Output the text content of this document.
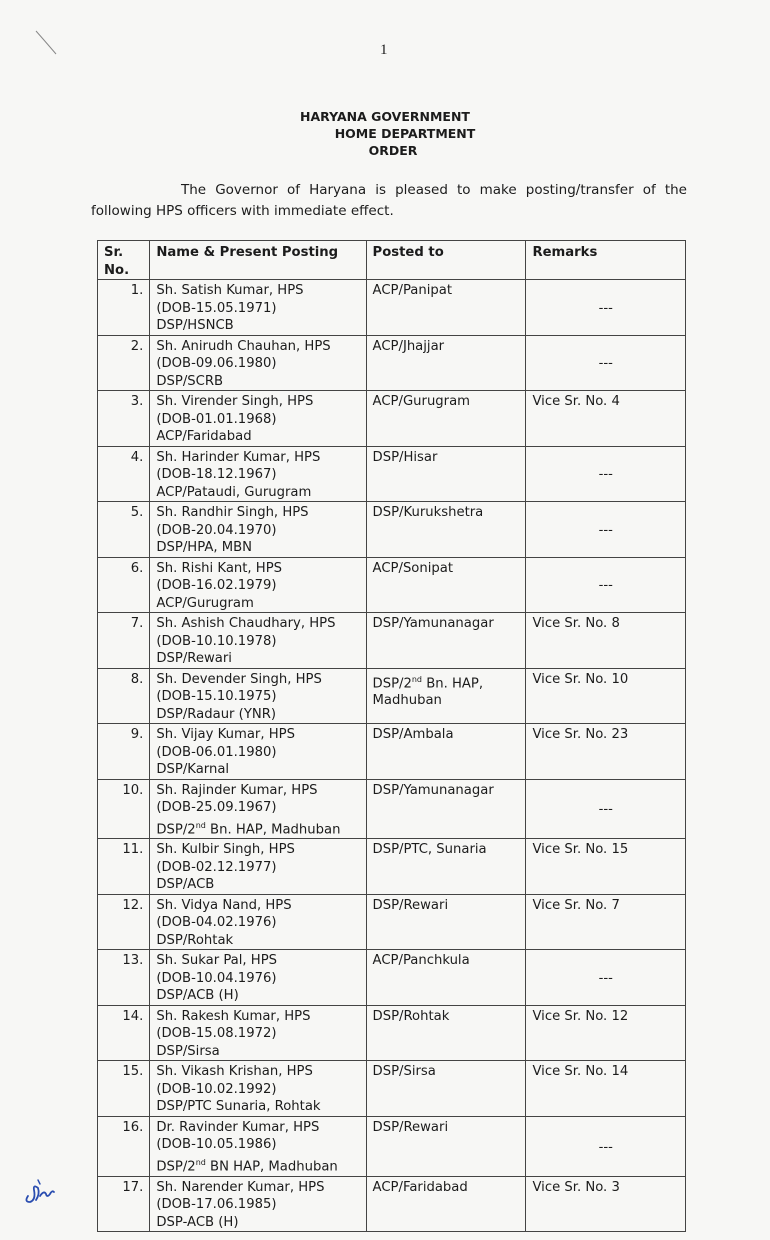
1
HARYANA GOVERNMENT
HOME DEPARTMENT
ORDER
The Governor of Haryana is pleased to make posting/transfer of the following HPS officers with immediate effect.
Sr. No.	Name & Present Posting	Posted to	Remarks
1.	Sh. Satish Kumar, HPS
(DOB-15.05.1971)
DSP/HSNCB	ACP/Panipat	---
2.	Sh. Anirudh Chauhan, HPS
(DOB-09.06.1980)
DSP/SCRB	ACP/Jhajjar	---
3.	Sh. Virender Singh, HPS
(DOB-01.01.1968)
ACP/Faridabad	ACP/Gurugram	Vice Sr. No. 4
4.	Sh. Harinder Kumar, HPS
(DOB-18.12.1967)
ACP/Pataudi, Gurugram	DSP/Hisar	---
5.	Sh. Randhir Singh, HPS
(DOB-20.04.1970)
DSP/HPA, MBN	DSP/Kurukshetra	---
6.	Sh. Rishi Kant, HPS
(DOB-16.02.1979)
ACP/Gurugram	ACP/Sonipat	---
7.	Sh. Ashish Chaudhary, HPS
(DOB-10.10.1978)
DSP/Rewari	DSP/Yamunanagar	Vice Sr. No. 8
8.	Sh. Devender Singh, HPS
(DOB-15.10.1975)
DSP/Radaur (YNR)	DSP/2nd Bn. HAP, Madhuban	Vice Sr. No. 10
9.	Sh. Vijay Kumar, HPS
(DOB-06.01.1980)
DSP/Karnal	DSP/Ambala	Vice Sr. No. 23
10.	Sh. Rajinder Kumar, HPS
(DOB-25.09.1967)
DSP/2nd Bn. HAP, Madhuban	DSP/Yamunanagar	---
11.	Sh. Kulbir Singh, HPS
(DOB-02.12.1977)
DSP/ACB	DSP/PTC, Sunaria	Vice Sr. No. 15
12.	Sh. Vidya Nand, HPS
(DOB-04.02.1976)
DSP/Rohtak	DSP/Rewari	Vice Sr. No. 7
13.	Sh. Sukar Pal, HPS
(DOB-10.04.1976)
DSP/ACB (H)	ACP/Panchkula	---
14.	Sh. Rakesh Kumar, HPS
(DOB-15.08.1972)
DSP/Sirsa	DSP/Rohtak	Vice Sr. No. 12
15.	Sh. Vikash Krishan, HPS
(DOB-10.02.1992)
DSP/PTC Sunaria, Rohtak	DSP/Sirsa	Vice Sr. No. 14
16.	Dr. Ravinder Kumar, HPS
(DOB-10.05.1986)
DSP/2nd BN HAP, Madhuban	DSP/Rewari	---
17.	Sh. Narender Kumar, HPS
(DOB-17.06.1985)
DSP-ACB (H)	ACP/Faridabad	Vice Sr. No. 3
